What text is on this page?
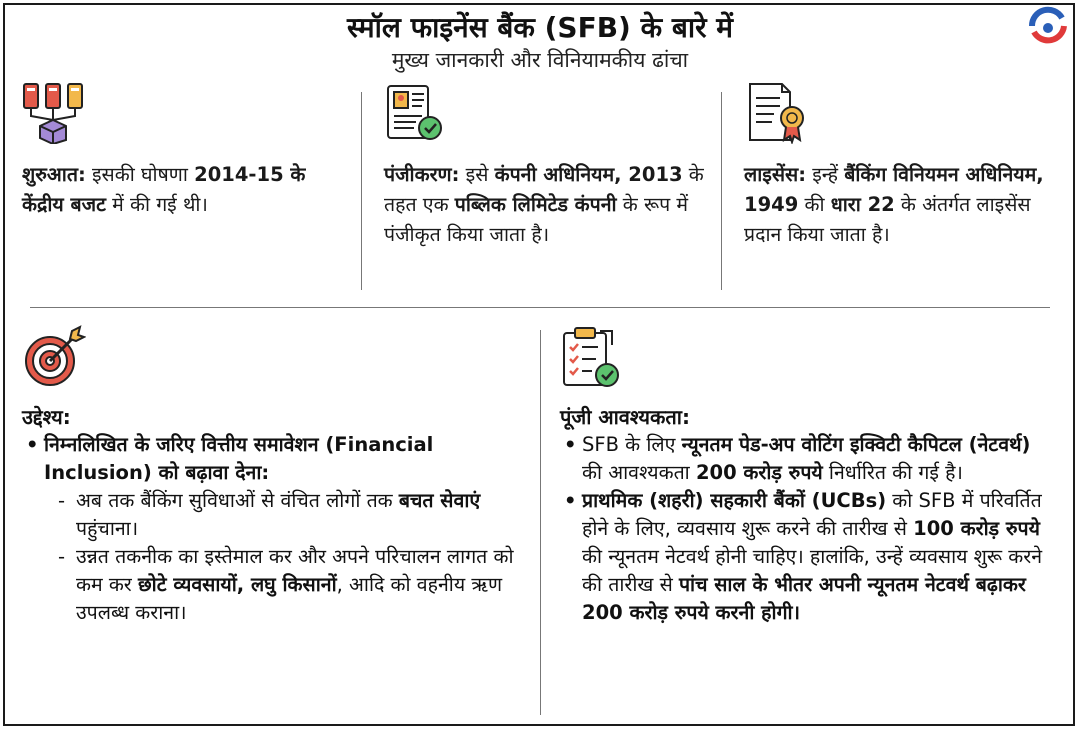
स्मॉल फाइनेंस बैंक (SFB) के बारे में
मुख्य जानकारी और विनियामकीय ढांचा
शुरुआत: इसकी घोषणा 2014-15 के केंद्रीय बजट में की गई थी।
पंजीकरण: इसे कंपनी अधिनियम, 2013 के तहत एक पब्लिक लिमिटेड कंपनी के रूप में पंजीकृत किया जाता है।
लाइसेंस: इन्हें बैंकिंग विनियमन अधिनियम, 1949 की धारा 22 के अंतर्गत लाइसेंस प्रदान किया जाता है।
उद्देश्य:
• निम्नलिखित के जरिए वित्तीय समावेशन (Financial Inclusion) को बढ़ावा देना:
- अब तक बैंकिंग सुविधाओं से वंचित लोगों तक बचत सेवाएं पहुंचाना।
- उन्नत तकनीक का इस्तेमाल कर और अपने परिचालन लागत को कम कर छोटे व्यवसायों, लघु किसानों, आदि को वहनीय ऋण उपलब्ध कराना।
पूंजी आवश्यकता:
• SFB के लिए न्यूनतम पेड-अप वोटिंग इक्विटी कैपिटल (नेटवर्थ) की आवश्यकता 200 करोड़ रुपये निर्धारित की गई है।
• प्राथमिक (शहरी) सहकारी बैंकों (UCBs) को SFB में परिवर्तित होने के लिए, व्यवसाय शुरू करने की तारीख से 100 करोड़ रुपये की न्यूनतम नेटवर्थ होनी चाहिए। हालांकि, उन्हें व्यवसाय शुरू करने की तारीख से पांच साल के भीतर अपनी न्यूनतम नेटवर्थ बढ़ाकर 200 करोड़ रुपये करनी होगी।
